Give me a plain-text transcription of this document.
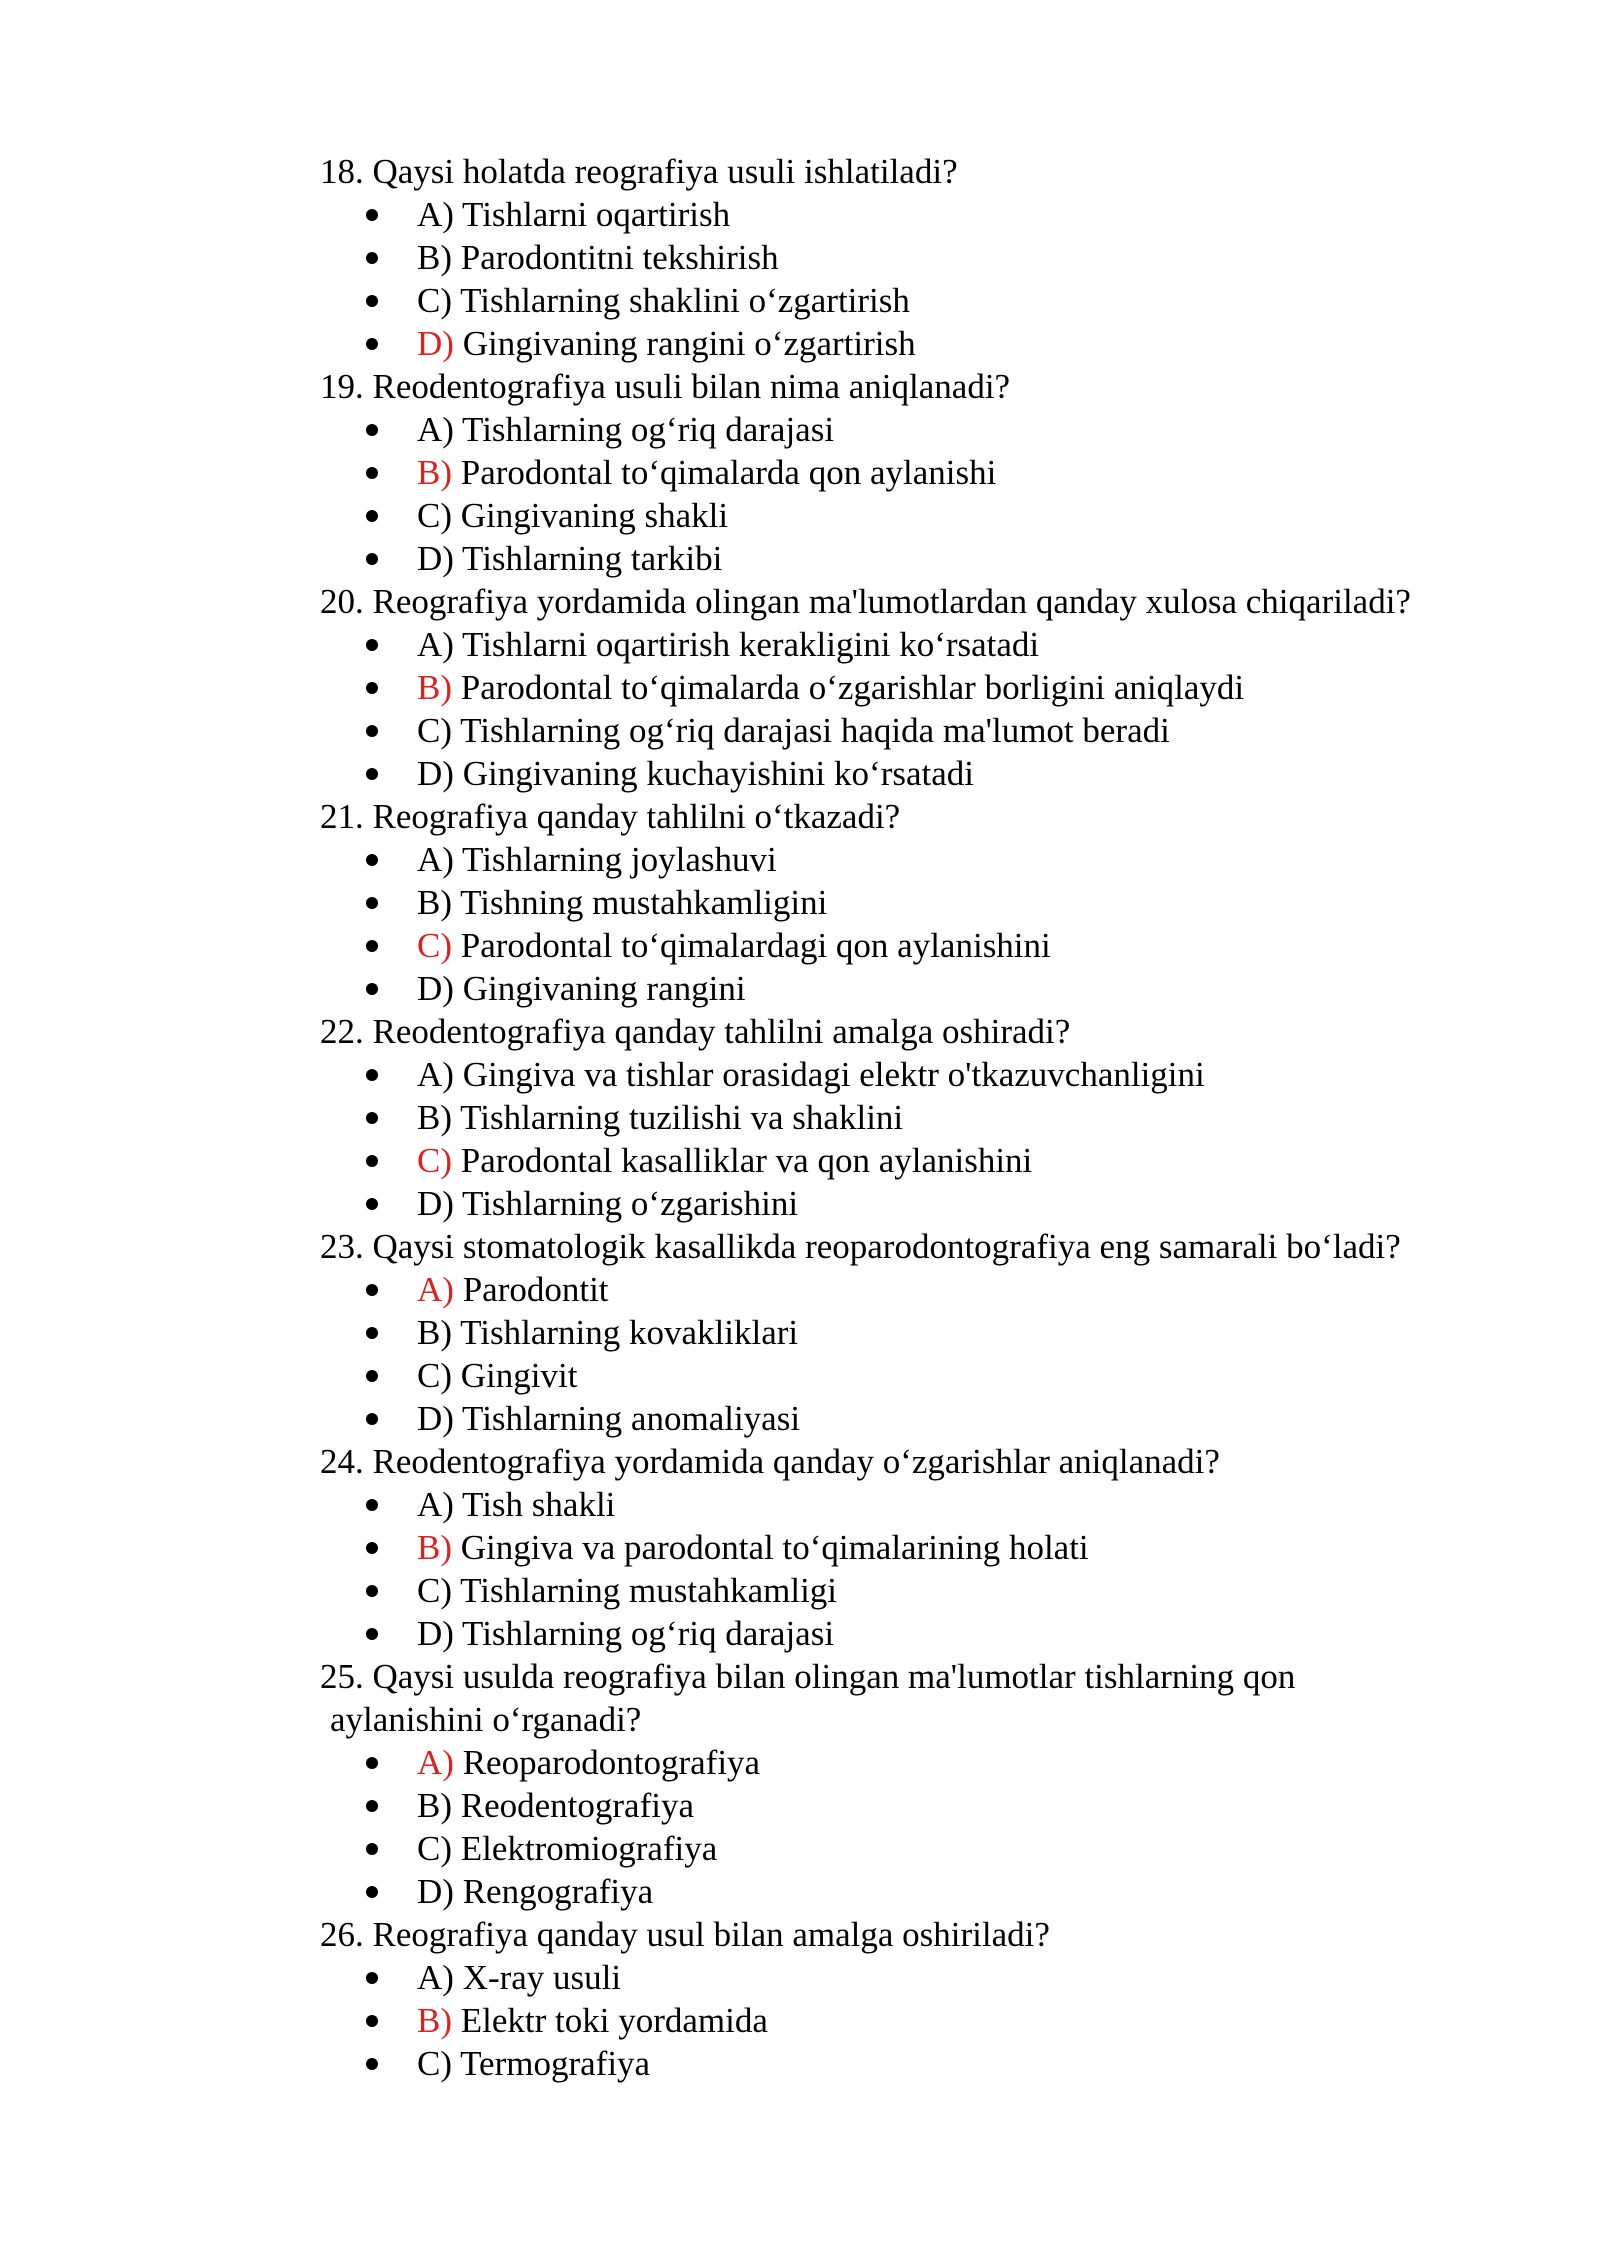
18. Qaysi holatda reografiya usuli ishlatiladi?
A) Tishlarni oqartirish
B) Parodontitni tekshirish
C) Tishlarning shaklini oʻzgartirish
D) Gingivaning rangini oʻzgartirish
19. Reodentografiya usuli bilan nima aniqlanadi?
A) Tishlarning ogʻriq darajasi
B) Parodontal toʻqimalarda qon aylanishi
C) Gingivaning shakli
D) Tishlarning tarkibi
20. Reografiya yordamida olingan ma'lumotlardan qanday xulosa chiqariladi?
A) Tishlarni oqartirish kerakligini koʻrsatadi
B) Parodontal toʻqimalarda oʻzgarishlar borligini aniqlaydi
C) Tishlarning ogʻriq darajasi haqida ma'lumot beradi
D) Gingivaning kuchayishini koʻrsatadi
21. Reografiya qanday tahlilni oʻtkazadi?
A) Tishlarning joylashuvi
B) Tishning mustahkamligini
C) Parodontal toʻqimalardagi qon aylanishini
D) Gingivaning rangini
22. Reodentografiya qanday tahlilni amalga oshiradi?
A) Gingiva va tishlar orasidagi elektr o'tkazuvchanligini
B) Tishlarning tuzilishi va shaklini
C) Parodontal kasalliklar va qon aylanishini
D) Tishlarning oʻzgarishini
23. Qaysi stomatologik kasallikda reoparodontografiya eng samarali boʻladi?
A) Parodontit
B) Tishlarning kovakliklari
C) Gingivit
D) Tishlarning anomaliyasi
24. Reodentografiya yordamida qanday oʻzgarishlar aniqlanadi?
A) Tish shakli
B) Gingiva va parodontal toʻqimalarining holati
C) Tishlarning mustahkamligi
D) Tishlarning ogʻriq darajasi
25. Qaysi usulda reografiya bilan olingan ma'lumotlar tishlarning qon
aylanishini oʻrganadi?
A) Reoparodontografiya
B) Reodentografiya
C) Elektromiografiya
D) Rengografiya
26. Reografiya qanday usul bilan amalga oshiriladi?
A) X-ray usuli
B) Elektr toki yordamida
C) Termografiya
